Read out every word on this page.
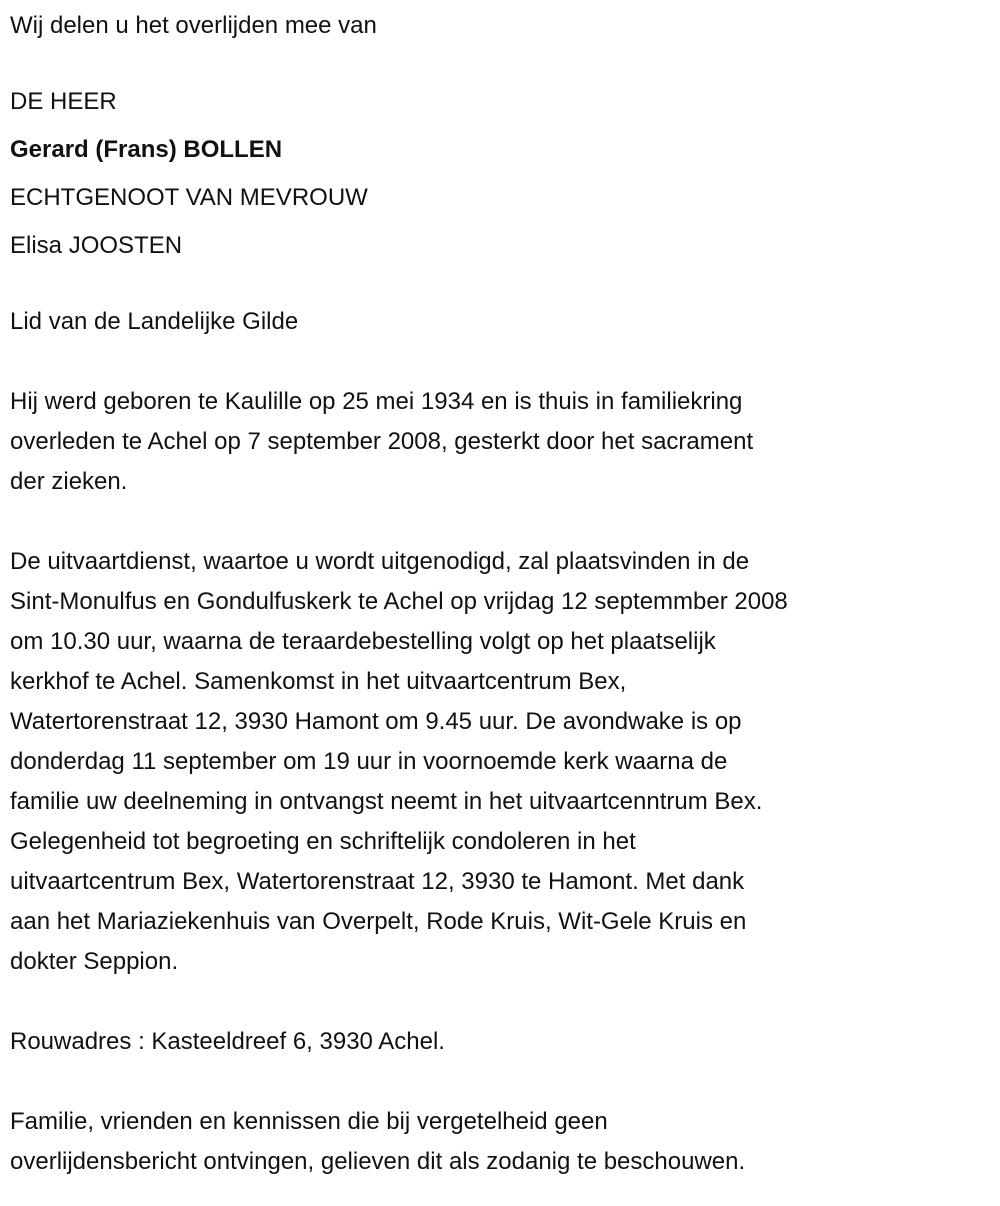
Wij delen u het overlijden mee van
DE HEER
Gerard (Frans) BOLLEN
ECHTGENOOT VAN MEVROUW
Elisa JOOSTEN
Lid van de Landelijke Gilde
Hij werd geboren te Kaulille op 25 mei 1934 en is thuis in familiekring
overleden te Achel op 7 september 2008, gesterkt door het sacrament
der zieken.
De uitvaartdienst, waartoe u wordt uitgenodigd, zal plaatsvinden in de
Sint-Monulfus en Gondulfuskerk te Achel op vrijdag 12 septemmber 2008
om 10.30 uur, waarna de teraardebestelling volgt op het plaatselijk
kerkhof te Achel. Samenkomst in het uitvaartcentrum Bex,
Watertorenstraat 12, 3930 Hamont om 9.45 uur. De avondwake is op
donderdag 11 september om 19 uur in voornoemde kerk waarna de
familie uw deelneming in ontvangst neemt in het uitvaartcenntrum Bex.
Gelegenheid tot begroeting en schriftelijk condoleren in het
uitvaartcentrum Bex, Watertorenstraat 12, 3930 te Hamont. Met dank
aan het Mariaziekenhuis van Overpelt, Rode Kruis, Wit-Gele Kruis en
dokter Seppion.
Rouwadres : Kasteeldreef 6, 3930 Achel.
Familie, vrienden en kennissen die bij vergetelheid geen
overlijdensbericht ontvingen, gelieven dit als zodanig te beschouwen.
